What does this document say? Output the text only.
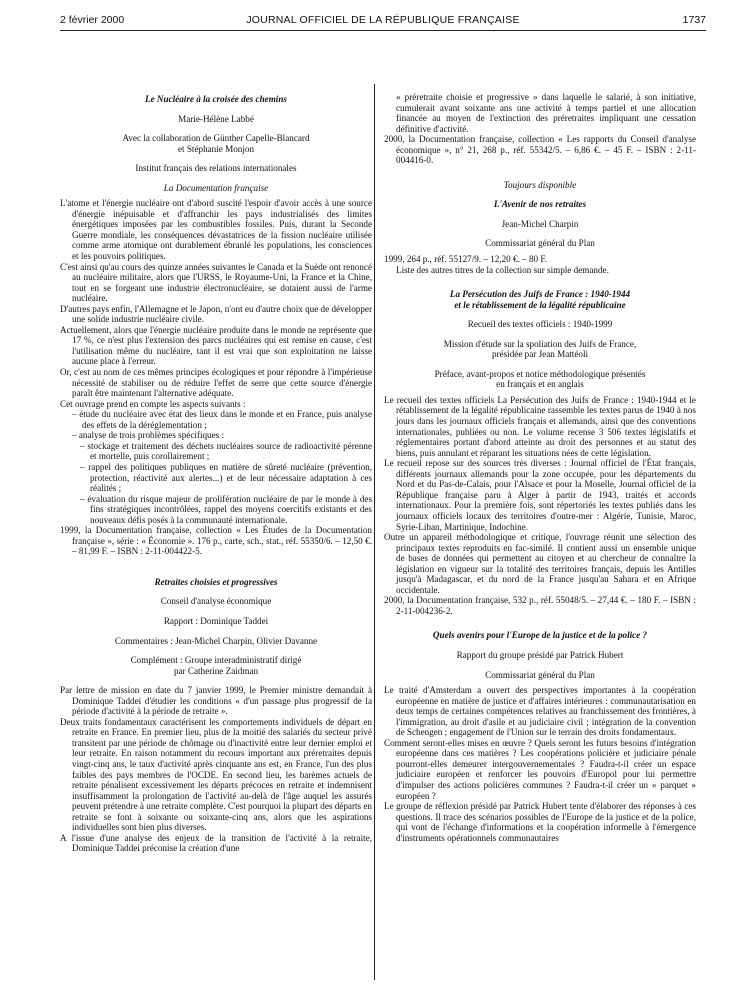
2 février 2000	JOURNAL OFFICIEL DE LA RÉPUBLIQUE FRANÇAISE	1737

Le Nucléaire à la croisée des chemins

Marie-Hélène Labbé

Avec la collaboration de Günther Capelle-Blancard

et Stéphanie Monjon

Institut français des relations internationales

La Documentation française

L'atome et l'énergie nucléaire ont d'abord suscité l'espoir d'avoir accès à une source d'énergie inépuisable et d'affranchir les pays industrialisés des limites énergétiques imposées par les combustibles fossiles. Puis, durant la Seconde Guerre mondiale, les conséquences dévastatrices de la fission nucléaire utilisée comme arme atomique ont durablement ébranlé les populations, les consciences et les pouvoirs politiques.

C'est ainsi qu'au cours des quinze années suivantes le Canada et la Suède ont renoncé au nucléaire militaire, alors que l'URSS, le Royaume-Uni, la France et la Chine, tout en se forgeant une industrie électronucléaire, se dotaient aussi de l'arme nucléaire.

D'autres pays enfin, l'Allemagne et le Japon, n'ont eu d'autre choix que de développer une solide industrie nucléaire civile.

Actuellement, alors que l'énergie nucléaire produite dans le monde ne représente que 17 %, ce n'est plus l'extension des parcs nucléaires qui est remise en cause, c'est l'utilisation même du nucléaire, tant il est vrai que son exploitation ne laisse aucune place à l'erreur.

Or, c'est au nom de ces mêmes principes écologiques et pour répondre à l'impérieuse nécessité de stabiliser ou de réduire l'effet de serre que cette source d'énergie paraît être maintenant l'alternative adéquate.

Cet ouvrage prend en compte les aspects suivants :

– étude du nucléaire avec état des lieux dans le monde et en France, puis analyse des effets de la déréglementation ;

– analyse de trois problèmes spécifiques :

– stockage et traitement des déchets nucléaires source de radioactivité pérenne et mortelle, puis corollairement ;

– rappel des politiques publiques en matière de sûreté nucléaire (prévention, protection, réactivité aux alertes...) et de leur nécessaire adaptation à ces réalités ;

– évaluation du risque majeur de prolifération nucléaire de par le monde à des fins stratégiques incontrôlées, rappel des moyens coercitifs existants et des nouveaux défis posés à la communauté internationale.

1999, la Documentation française, collection « Les Études de la Documentation française », série : « Économie ». 176 p., carte, sch., stat., réf. 55350/6. – 12,50 €. – 81,99 F. – ISBN : 2-11-004422-5.

Retraites choisies et progressives

Conseil d'analyse économique

Rapport : Dominique Taddei

Commentaires : Jean-Michel Charpin, Olivier Davanne

Complément : Groupe interadministratif dirigé

par Catherine Zaidman

Par lettre de mission en date du 7 janvier 1999, le Premier ministre demandait à Dominique Taddei d'étudier les conditions « d'un passage plus progressif de la période d'activité à la période de retraite ».

Deux traits fondamentaux caractérisent les comportements individuels de départ en retraite en France. En premier lieu, plus de la moitié des salariés du secteur privé transitent par une période de chômage ou d'inactivité entre leur dernier emploi et leur retraite. En raison notamment du recours important aux préretraites depuis vingt-cinq ans, le taux d'activité après cinquante ans est, en France, l'un des plus faibles des pays membres de l'OCDE. En second lieu, les barèmes actuels de retraite pénalisent excessivement les départs précoces en retraite et indemnisent insuffisamment la prolongation de l'activité au-delà de l'âge auquel les assurés peuvent prétendre à une retraite complète. C'est pourquoi la plupart des départs en retraite se font à soixante ou soixante-cinq ans, alors que les aspirations individuelles sont bien plus diverses.

A l'issue d'une analyse des enjeux de la transition de l'activité à la retraite, Dominique Taddei préconise la création d'une

« préretraite choisie et progressive » dans laquelle le salarié, à son initiative, cumulerait avant soixante ans une activité à temps partiel et une allocation financée au moyen de l'extinction des préretraites impliquant une cessation définitive d'activité.

2000, la Documentation française, collection « Les rapports du Conseil d'analyse économique », n° 21, 268 p., réf. 55342/5. – 6,86 €. – 45 F. – ISBN : 2-11-004416-0.

Toujours disponible

L'Avenir de nos retraites

Jean-Michel Charpin

Commissariat général du Plan

1999, 264 p., réf. 55127/9. – 12,20 €. – 80 F.

Liste des autres titres de la collection sur simple demande.

La Persécution des Juifs de France : 1940-1944

et le rétablissement de la légalité républicaine

Recueil des textes officiels : 1940-1999

Mission d'étude sur la spoliation des Juifs de France,

présidée par Jean Mattéoli

Préface, avant-propos et notice méthodologique présentés

en français et en anglais

Le recueil des textes officiels La Persécution des Juifs de France : 1940-1944 et le rétablissement de la légalité républicaine rassemble les textes parus de 1940 à nos jours dans les journaux officiels français et allemands, ainsi que des conventions internationales, publiées ou non. Le volume recense 3 506 textes législatifs et réglementaires portant d'abord atteinte au droit des personnes et au statut des biens, puis annulant et réparant les situations nées de cette législation.

Le recueil repose sur des sources très diverses : Journal officiel de l'État français, différents journaux allemands pour la zone occupée, pour les départements du Nord et du Pas-de-Calais, pour l'Alsace et pour la Moselle, Journal officiel de la République française paru à Alger à partir de 1943, traités et accords internationaux. Pour la première fois, sont répertoriés les textes publiés dans les journaux officiels locaux des territoires d'outre-mer : Algérie, Tunisie, Maroc, Syrie-Liban, Martinique, Indochine.

Outre un appareil méthodologique et critique, l'ouvrage réunit une sélection des principaux textes reproduits en fac-similé. Il contient aussi un ensemble unique de bases de données qui permettent au citoyen et au chercheur de connaître la législation en vigueur sur la totalité des territoires français, depuis les Antilles jusqu'à Madagascar, et du nord de la France jusqu'au Sahara et en Afrique occidentale.

2000, la Documentation française, 532 p., réf. 55048/5. – 27,44 €. – 180 F. – ISBN : 2-11-004236-2.

Quels avenirs pour l'Europe de la justice et de la police ?

Rapport du groupe présidé par Patrick Hubert

Commissariat général du Plan

Le traité d'Amsterdam a ouvert des perspectives importantes à la coopération européenne en matière de justice et d'affaires intérieures : communautarisation en deux temps de certaines compétences relatives au franchissement des frontières, à l'immigration, au droit d'asile et au judiciaire civil ; intégration de la convention de Schengen ; engagement de l'Union sur le terrain des droits fondamentaux.

Comment seront-elles mises en œuvre ? Quels seront les futurs besoins d'intégration européenne dans ces matières ? Les coopérations policière et judiciaire pénale pourront-elles demeurer intergouvernementales ? Faudra-t-il créer un espace judiciaire européen et renforcer les pouvoirs d'Europol pour lui permettre d'impulser des actions policières communes ? Faudra-t-il créer un « parquet » européen ?

Le groupe de réflexion présidé par Patrick Hubert tente d'élaborer des réponses à ces questions. Il trace des scénarios possibles de l'Europe de la justice et de la police, qui vont de l'échange d'informations et la coopération informelle à l'émergence d'instruments opérationnels communautaires
